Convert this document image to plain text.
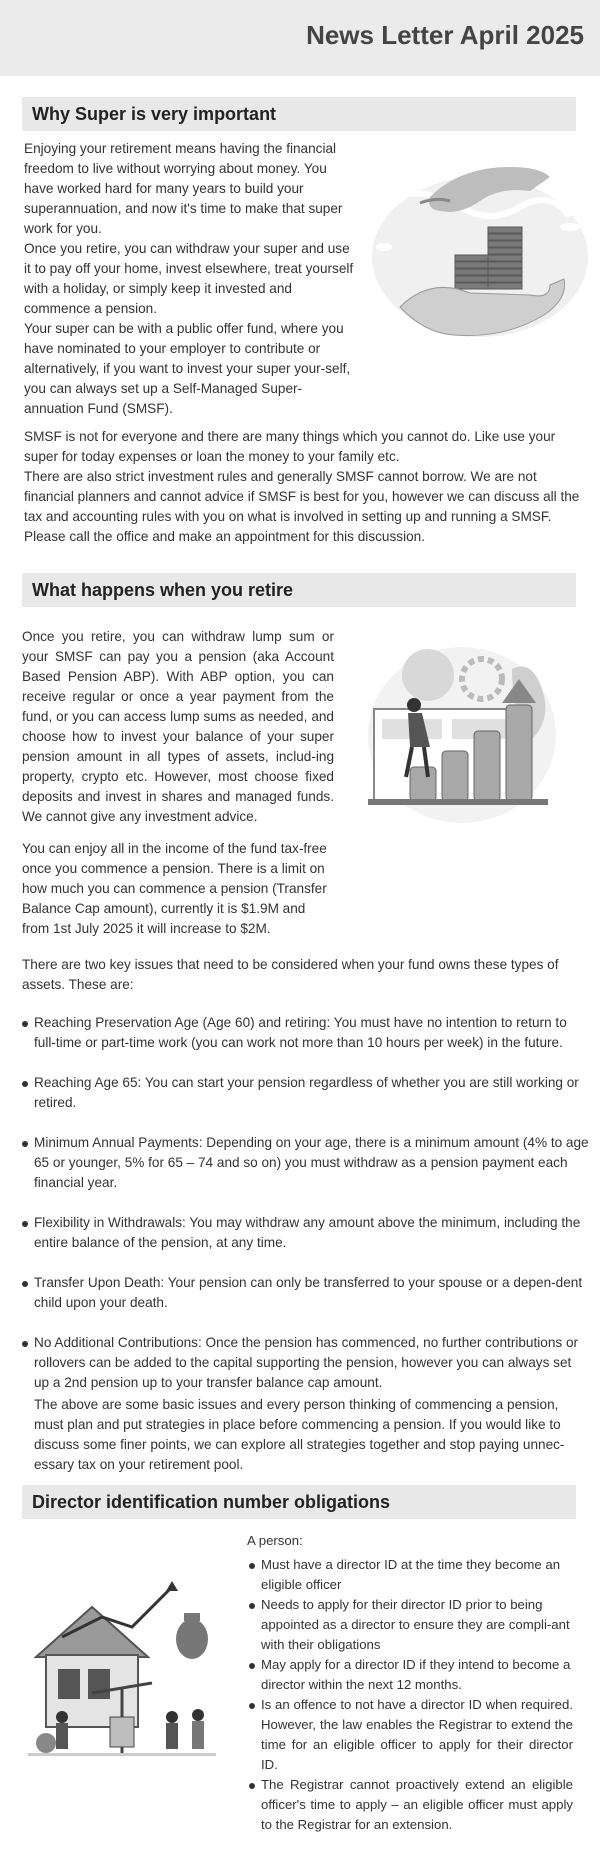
News Letter April 2025
Why Super is very important

Enjoying your retirement means having the financial freedom to live without worrying about money. You have worked hard for many years to build your superannuation, and now it's time to make that super work for you.

Once you retire, you can withdraw your super and use it to pay off your home, invest elsewhere, treat yourself with a holiday, or simply keep it invested and commence a pension.

Your super can be with a public offer fund, where you have nominated to your employer to contribute or alternatively, if you want to invest your super your-self, you can always set up a Self-Managed Super-annuation Fund (SMSF).

SMSF is not for everyone and there are many things which you cannot do. Like use your super for today expenses or loan the money to your family etc.

There are also strict investment rules and generally SMSF cannot borrow. We are not financial planners and cannot advice if SMSF is best for you, however we can discuss all the tax and accounting rules with you on what is involved in setting up and running a SMSF. Please call the office and make an appointment for this discussion.

What happens when you retire

Once you retire, you can withdraw lump sum or your SMSF can pay you a pension (aka Account Based Pension ABP). With ABP option, you can receive regular or once a year payment from the fund, or you can access lump sums as needed, and choose how to invest your balance of your super pension amount in all types of assets, includ-ing property, crypto etc. However, most choose fixed deposits and invest in shares and managed funds. We cannot give any investment advice.

You can enjoy all in the income of the fund tax-free once you commence a pension. There is a limit on how much you can commence a pension (Transfer Balance Cap amount), currently it is $1.9M and from 1st July 2025 it will increase to $2M.

There are two key issues that need to be considered when your fund owns these types of assets. These are:

Reaching Preservation Age (Age 60) and retiring: You must have no intention to return to full-time or part-time work (you can work not more than 10 hours per week) in the future.
Reaching Age 65: You can start your pension regardless of whether you are still working or retired.
Minimum Annual Payments: Depending on your age, there is a minimum amount (4% to age 65 or younger, 5% for 65 – 74 and so on) you must withdraw as a pension payment each financial year.
Flexibility in Withdrawals: You may withdraw any amount above the minimum, including the entire balance of the pension, at any time.
Transfer Upon Death: Your pension can only be transferred to your spouse or a depen-dent child upon your death.
No Additional Contributions: Once the pension has commenced, no further contributions or rollovers can be added to the capital supporting the pension, however you can always set up a 2nd pension up to your transfer balance cap amount.

The above are some basic issues and every person thinking of commencing a pension, must plan and put strategies in place before commencing a pension. If you would like to discuss some finer points, we can explore all strategies together and stop paying unnec-essary tax on your retirement pool.

Director identification number obligations

A person:

Must have a director ID at the time they become an eligible officer
Needs to apply for their director ID prior to being appointed as a director to ensure they are compli-ant with their obligations
May apply for a director ID if they intend to become a director within the next 12 months.
Is an offence to not have a director ID when required. However, the law enables the Registrar to extend the time for an eligible officer to apply for their director ID.
The Registrar cannot proactively extend an eligible officer's time to apply – an eligible officer must apply to the Registrar for an extension.
